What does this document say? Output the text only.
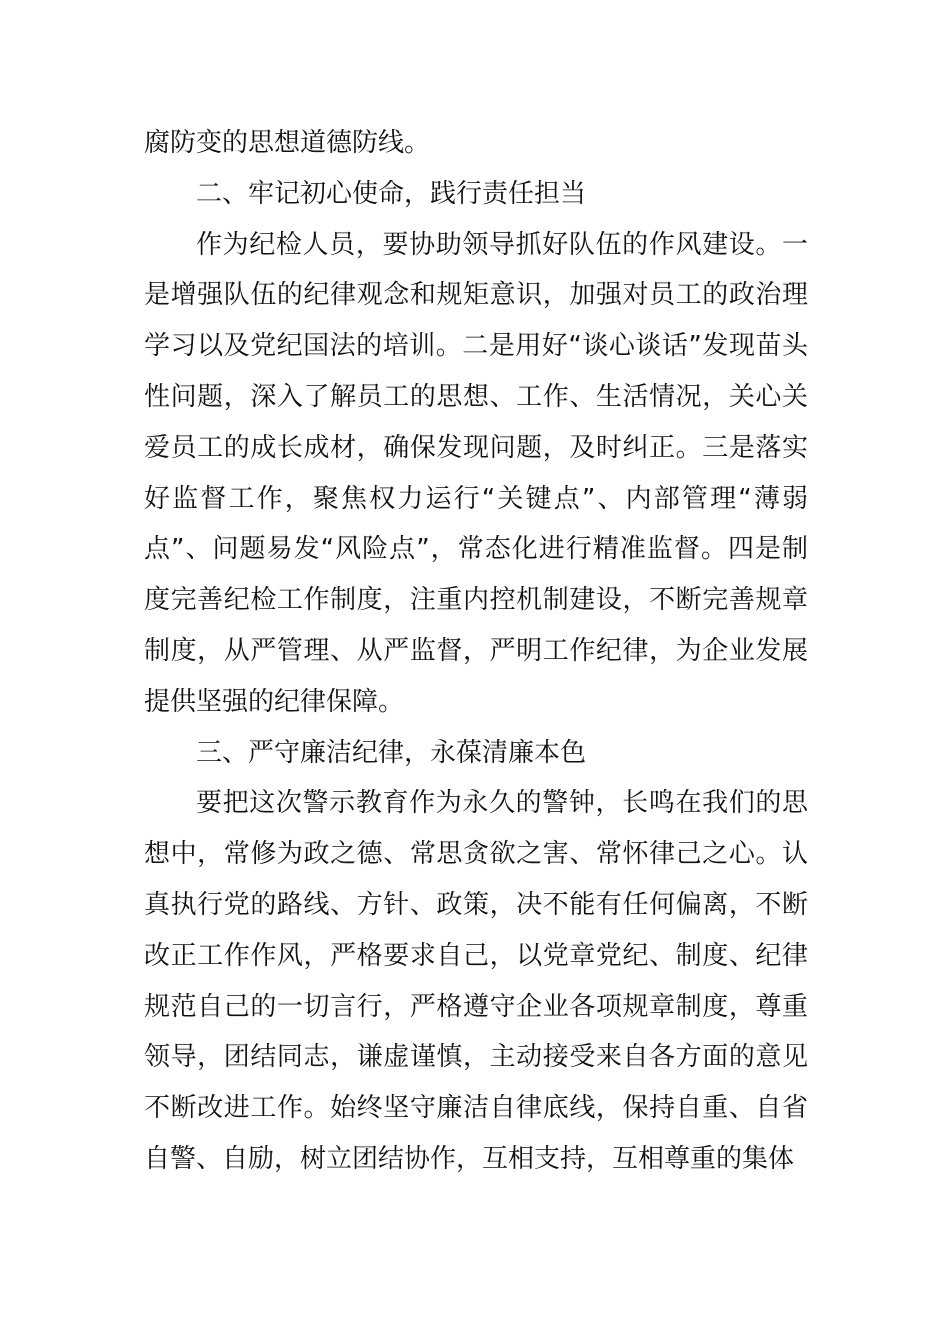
腐防变的思想道德防线。

二、牢记初心使命，践行责任担当

作为纪检人员，要协助领导抓好队伍的作风建设。一是增强队伍的纪律观念和规矩意识，加强对员工的政治理学习以及党纪国法的培训。二是用好“谈心谈话”发现苗头性问题，深入了解员工的思想、工作、生活情况，关心关爱员工的成长成材，确保发现问题，及时纠正。三是落实好监督工作，聚焦权力运行“关键点”、内部管理“薄弱点”、问题易发“风险点”，常态化进行精准监督。四是制度完善纪检工作制度，注重内控机制建设，不断完善规章制度，从严管理、从严监督，严明工作纪律，为企业发展提供坚强的纪律保障。

三、严守廉洁纪律，永葆清廉本色

要把这次警示教育作为永久的警钟，长鸣在我们的思想中，常修为政之德、常思贪欲之害、常怀律己之心。认真执行党的路线、方针、政策，决不能有任何偏离，不断改正工作作风，严格要求自己，以党章党纪、制度、纪律规范自己的一切言行，严格遵守企业各项规章制度，尊重领导，团结同志，谦虚谨慎，主动接受来自各方面的意见不断改进工作。始终坚守廉洁自律底线，保持自重、自省自警、自励，树立团结协作，互相支持，互相尊重的集体
